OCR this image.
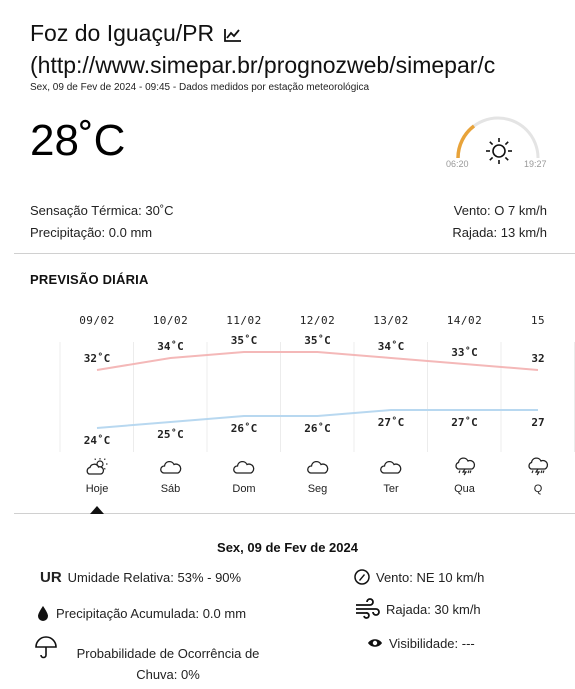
Foz do Iguaçu/PR
(http://www.simepar.br/prognozweb/simepar/c
Sex, 09 de Fev de 2024 - 09:45 - Dados medidos por estação meteorológica
28˚C	06:20	19:27
Sensação Térmica: 30˚C
Precipitação: 0.0 mm
Vento: O 7 km/h
Rajada: 13 km/h
PREVISÃO DIÁRIA
09/02
32˚C
24˚C
Hoje
10/02
34˚C
25˚C
Sáb
11/02
35˚C
26˚C
Dom
12/02
35˚C
26˚C
Seg
13/02
34˚C
27˚C
Ter
14/02
33˚C
27˚C
Qua
15
32
27
Q
Sex, 09 de Fev de 2024
UR Umidade Relativa: 53% - 90%
Precipitação Acumulada: 0.0 mm
Probabilidade de Ocorrência de
Chuva: 0%
Vento: NE 10 km/h
Rajada: 30 km/h
Visibilidade: ---
